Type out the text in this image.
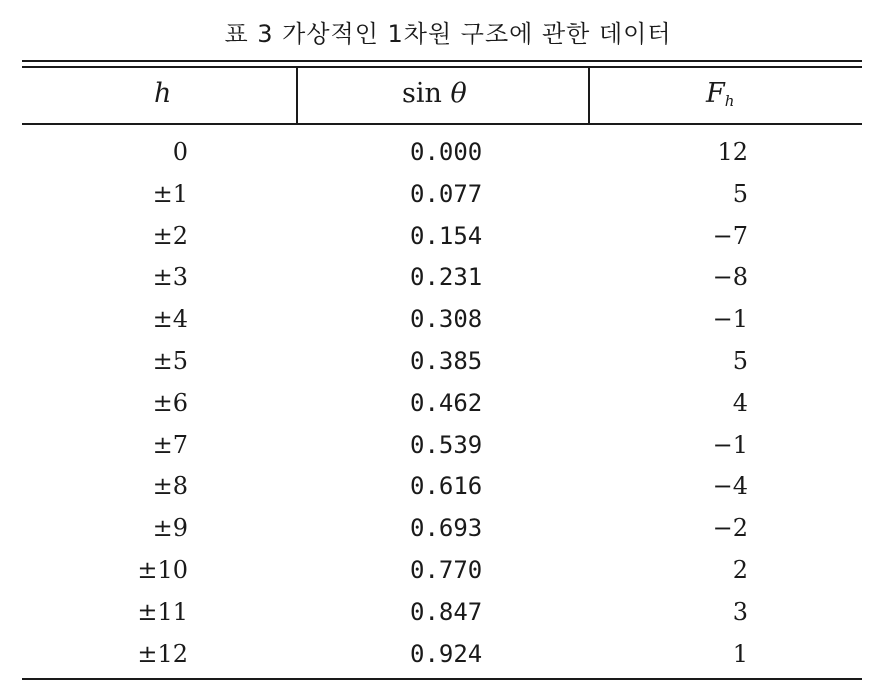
표 3 가상적인 1차원 구조에 관한 데이터
h	sin θ	$F_h$
0	0.000	12
±1	0.077	5
±2	0.154	−7
±3	0.231	−8
±4	0.308	−1
±5	0.385	5
±6	0.462	4
±7	0.539	−1
±8	0.616	−4
±9	0.693	−2
±10	0.770	2
±11	0.847	3
±12	0.924	1
